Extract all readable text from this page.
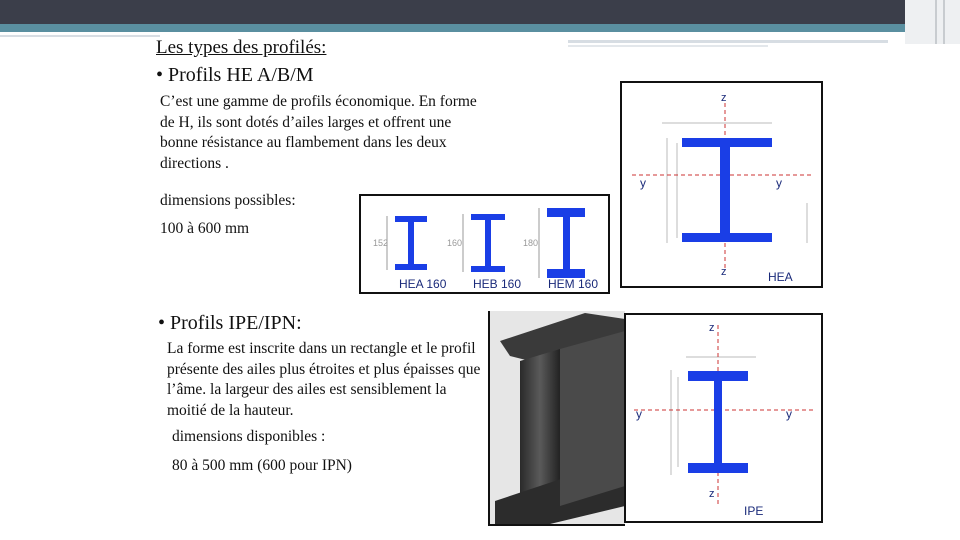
Les types des profilés:
• Profils HE A/B/M
C’est une gamme de profils économique. En forme de H, ils sont dotés d’ailes larges et offrent une bonne résistance au flambement dans les deux directions .
dimensions possibles:
100 à 600 mm
• Profils IPE/IPN:
La forme est inscrite dans un rectangle et le profil présente des ailes plus étroites et plus épaisses que l’âme. la largeur des ailes est sensiblement la moitié de la hauteur.
dimensions disponibles :
80 à 500 mm (600 pour IPN)
152	160	180
HEA 160 HEB 160 HEM 160
z
z
y	y
HEA
z
z
y	y
IPE
